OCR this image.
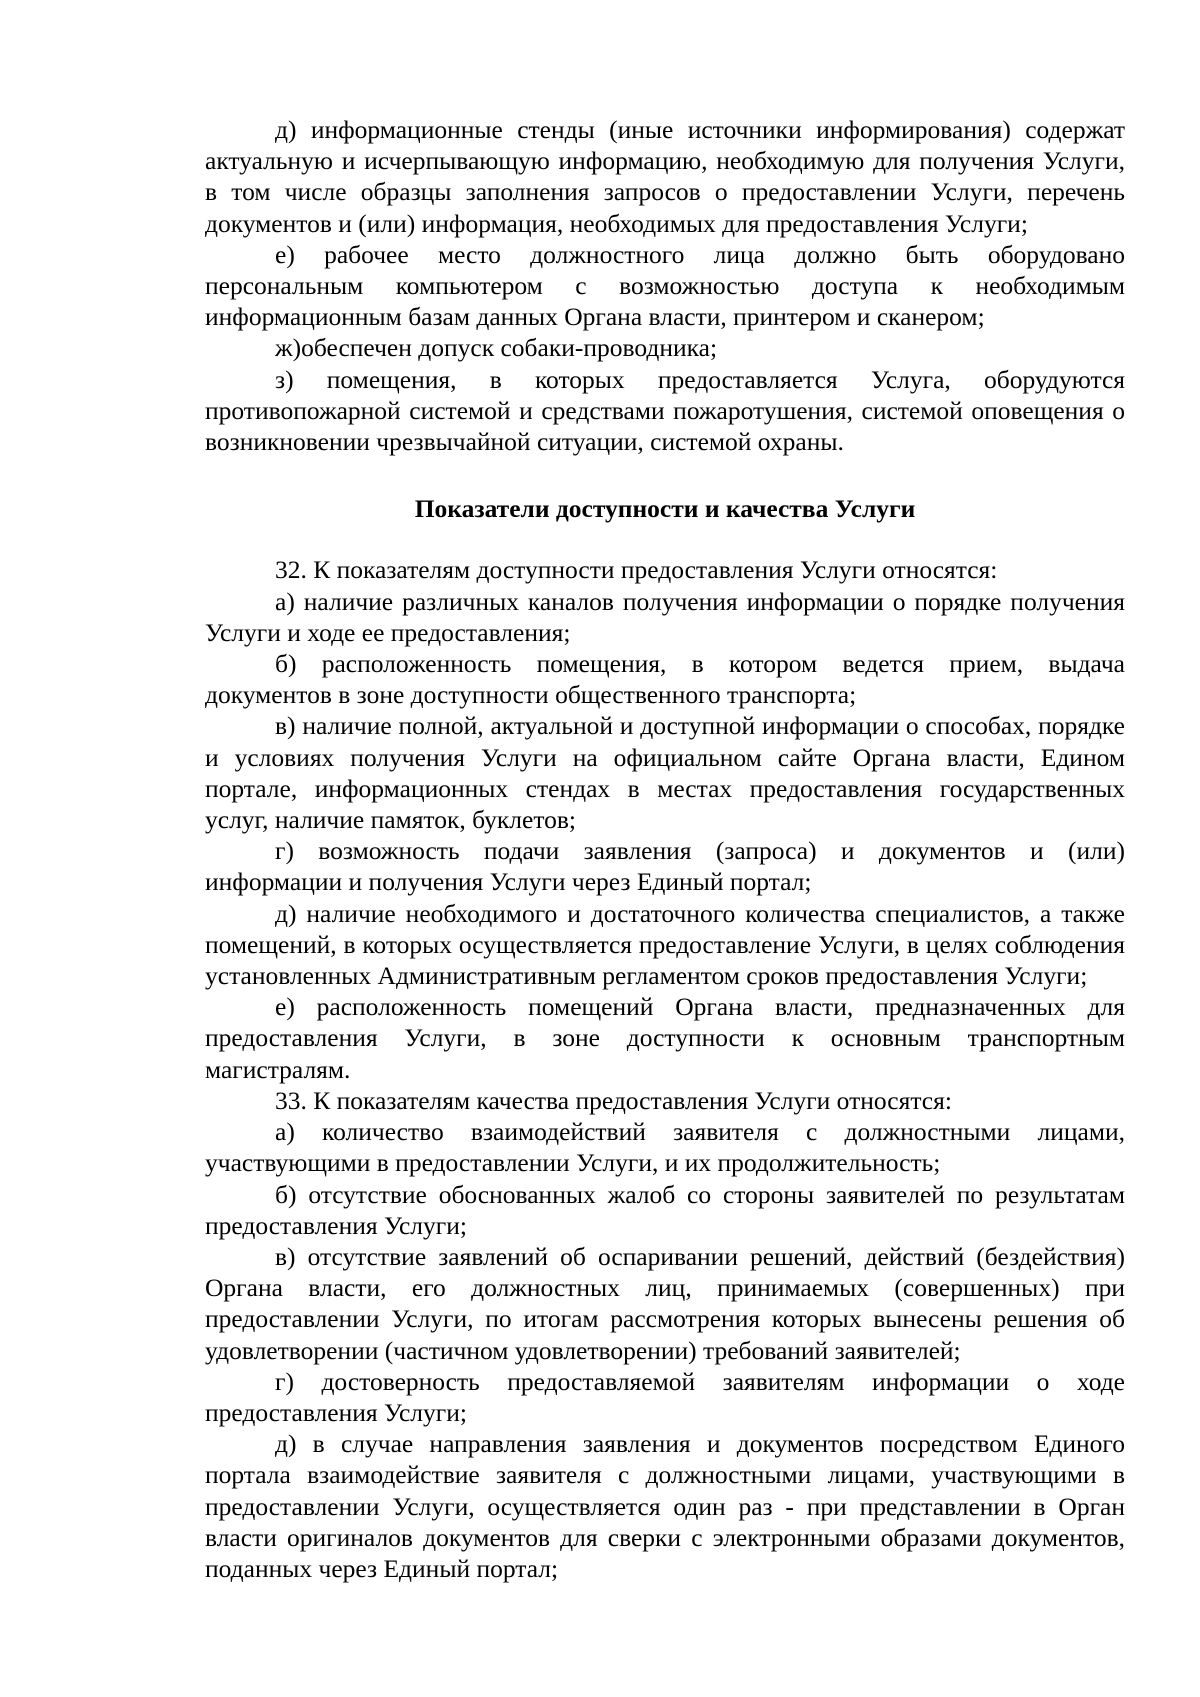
д) информационные стенды (иные источники информирования) содержат актуальную и исчерпывающую информацию, необходимую для получения Услуги, в том числе образцы заполнения запросов о предоставлении Услуги, перечень документов и (или) информация, необходимых для предоставления Услуги;

е) рабочее место должностного лица должно быть оборудовано персональным компьютером с возможностью доступа к необходимым информационным базам данных Органа власти, принтером и сканером;

ж)обеспечен допуск собаки-проводника;

з) помещения, в которых предоставляется Услуга, оборудуются противопожарной системой и средствами пожаротушения, системой оповещения о возникновении чрезвычайной ситуации, системой охраны.

Показатели доступности и качества Услуги

32. К показателям доступности предоставления Услуги относятся:

а) наличие различных каналов получения информации о порядке получения Услуги и ходе ее предоставления;

б) расположенность помещения, в котором ведется прием, выдача документов в зоне доступности общественного транспорта;

в) наличие полной, актуальной и доступной информации о способах, порядке и условиях получения Услуги на официальном сайте Органа власти, Едином портале, информационных стендах в местах предоставления государственных услуг, наличие памяток, буклетов;

г) возможность подачи заявления (запроса) и документов и (или) информации и получения Услуги через Единый портал;

д) наличие необходимого и достаточного количества специалистов, а также помещений, в которых осуществляется предоставление Услуги, в целях соблюдения установленных Административным регламентом сроков предоставления Услуги;

е) расположенность помещений Органа власти, предназначенных для предоставления Услуги, в зоне доступности к основным транспортным магистралям.

33. К показателям качества предоставления Услуги относятся:

а) количество взаимодействий заявителя с должностными лицами, участвующими в предоставлении Услуги, и их продолжительность;

б) отсутствие обоснованных жалоб со стороны заявителей по результатам предоставления Услуги;

в) отсутствие заявлений об оспаривании решений, действий (бездействия) Органа власти, его должностных лиц, принимаемых (совершенных) при предоставлении Услуги, по итогам рассмотрения которых вынесены решения об удовлетворении (частичном удовлетворении) требований заявителей;

г) достоверность предоставляемой заявителям информации о ходе предоставления Услуги;

д) в случае направления заявления и документов посредством Единого портала взаимодействие заявителя с должностными лицами, участвующими в предоставлении Услуги, осуществляется один раз - при представлении в Орган власти оригиналов документов для сверки с электронными образами документов, поданных через Единый портал;
